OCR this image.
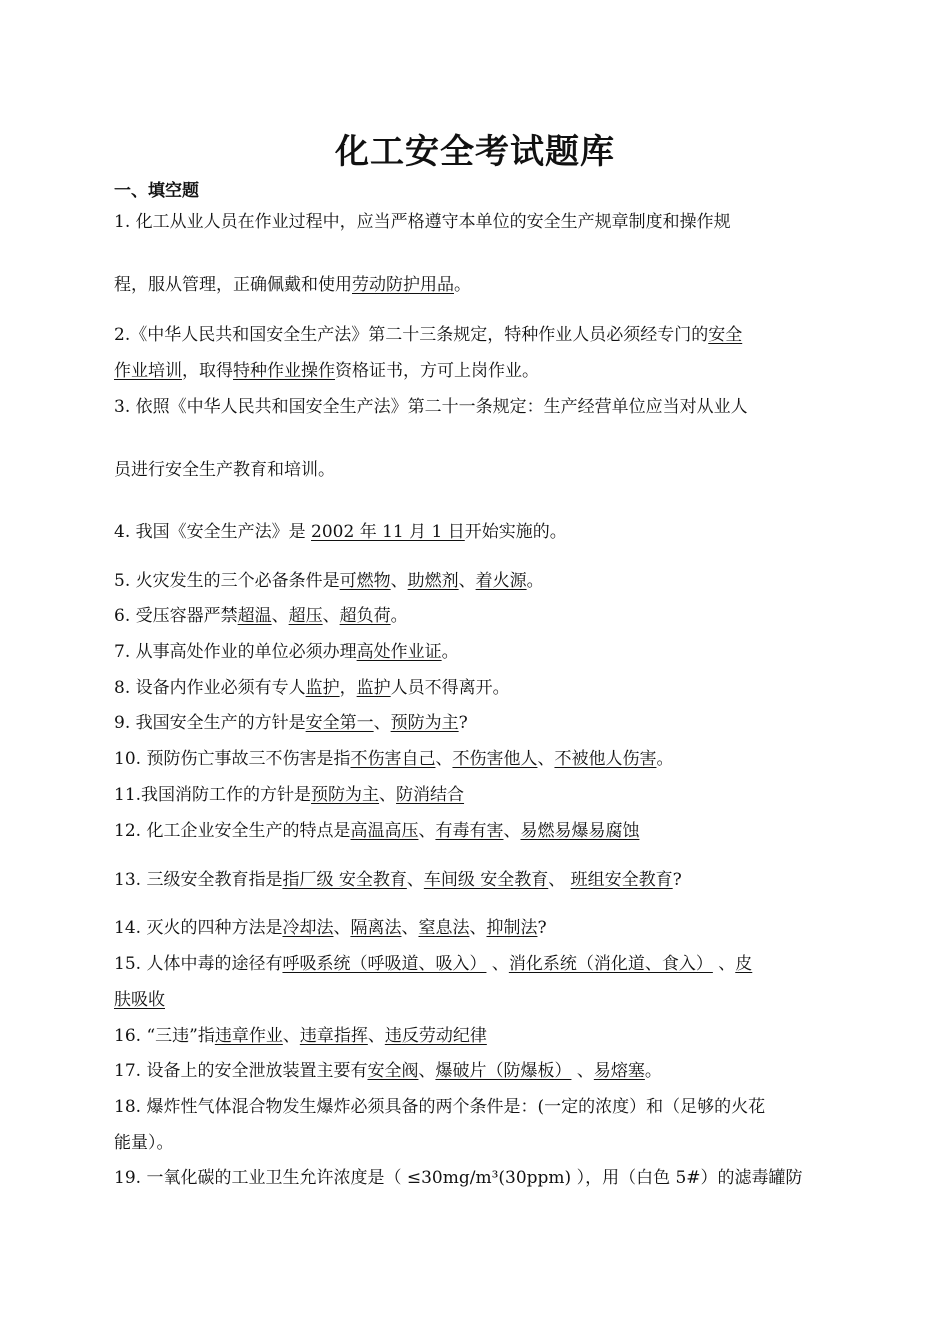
化工安全考试题库
一、填空题
1. 化工从业人员在作业过程中，应当严格遵守本单位的安全生产规章制度和操作规
程，服从管理，正确佩戴和使用劳动防护用品。
2.《中华人民共和国安全生产法》第二十三条规定，特种作业人员必须经专门的安全
作业培训，取得特种作业操作资格证书，方可上岗作业。
3. 依照《中华人民共和国安全生产法》第二十一条规定：生产经营单位应当对从业人
员进行安全生产教育和培训。
4. 我国《安全生产法》是 2002 年 11 月 1 日开始实施的。
5. 火灾发生的三个必备条件是可燃物、助燃剂、着火源。
6. 受压容器严禁超温、超压、超负荷。
7. 从事高处作业的单位必须办理高处作业证。
8. 设备内作业必须有专人监护，监护人员不得离开。
9. 我国安全生产的方针是安全第一、预防为主?
10. 预防伤亡事故三不伤害是指不伤害自己、不伤害他人、不被他人伤害。
11.我国消防工作的方针是预防为主、防消结合
12. 化工企业安全生产的特点是高温高压、有毒有害、易燃易爆易腐蚀
13. 三级安全教育指是指厂级 安全教育、车间级 安全教育、 班组安全教育?
14. 灭火的四种方法是冷却法、隔离法、窒息法、抑制法?
15. 人体中毒的途径有呼吸系统（呼吸道、吸入） 、消化系统（消化道、食入） 、皮
肤吸收
16. “三违”指违章作业、违章指挥、违反劳动纪律
17. 设备上的安全泄放装置主要有安全阀、爆破片（防爆板） 、易熔塞。
18. 爆炸性气体混合物发生爆炸必须具备的两个条件是：(一定的浓度）和（足够的火花
能量）。
19. 一氧化碳的工业卫生允许浓度是（ ≤30mg/m³(30ppm) ），用（白色 5#）的滤毒罐防
